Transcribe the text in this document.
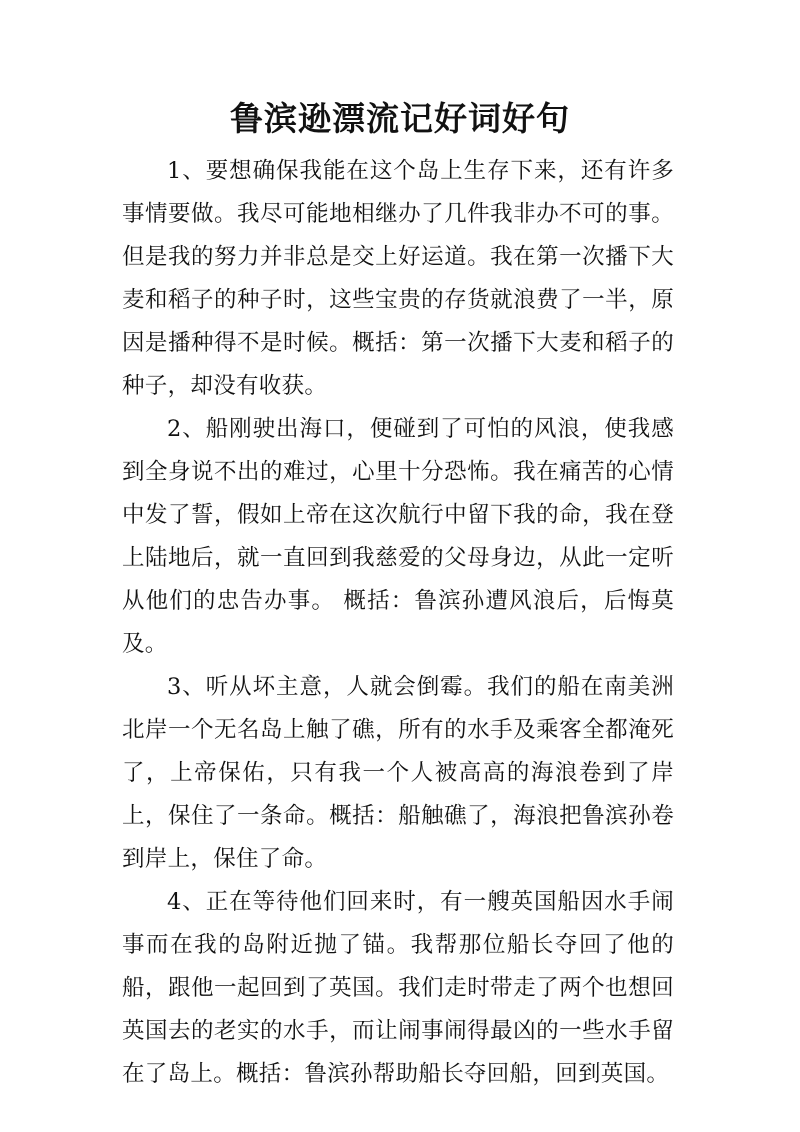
鲁滨逊漂流记好词好句

1、要想确保我能在这个岛上生存下来，还有许多事情要做。我尽可能地相继办了几件我非办不可的事。但是我的努力并非总是交上好运道。我在第一次播下大麦和稻子的种子时，这些宝贵的存货就浪费了一半，原因是播种得不是时候。概括：第一次播下大麦和稻子的种子，却没有收获。

2、船刚驶出海口，便碰到了可怕的风浪，使我感到全身说不出的难过，心里十分恐怖。我在痛苦的心情中发了誓，假如上帝在这次航行中留下我的命，我在登上陆地后，就一直回到我慈爱的父母身边，从此一定听从他们的忠告办事。 概括：鲁滨孙遭风浪后，后悔莫及。

3、听从坏主意，人就会倒霉。我们的船在南美洲北岸一个无名岛上触了礁，所有的水手及乘客全都淹死了，上帝保佑，只有我一个人被高高的海浪卷到了岸上，保住了一条命。概括：船触礁了，海浪把鲁滨孙卷到岸上，保住了命。

4、正在等待他们回来时，有一艘英国船因水手闹事而在我的岛附近抛了锚。我帮那位船长夺回了他的船，跟他一起回到了英国。我们走时带走了两个也想回英国去的老实的水手，而让闹事闹得最凶的一些水手留在了岛上。概括：鲁滨孙帮助船长夺回船，回到英国。
